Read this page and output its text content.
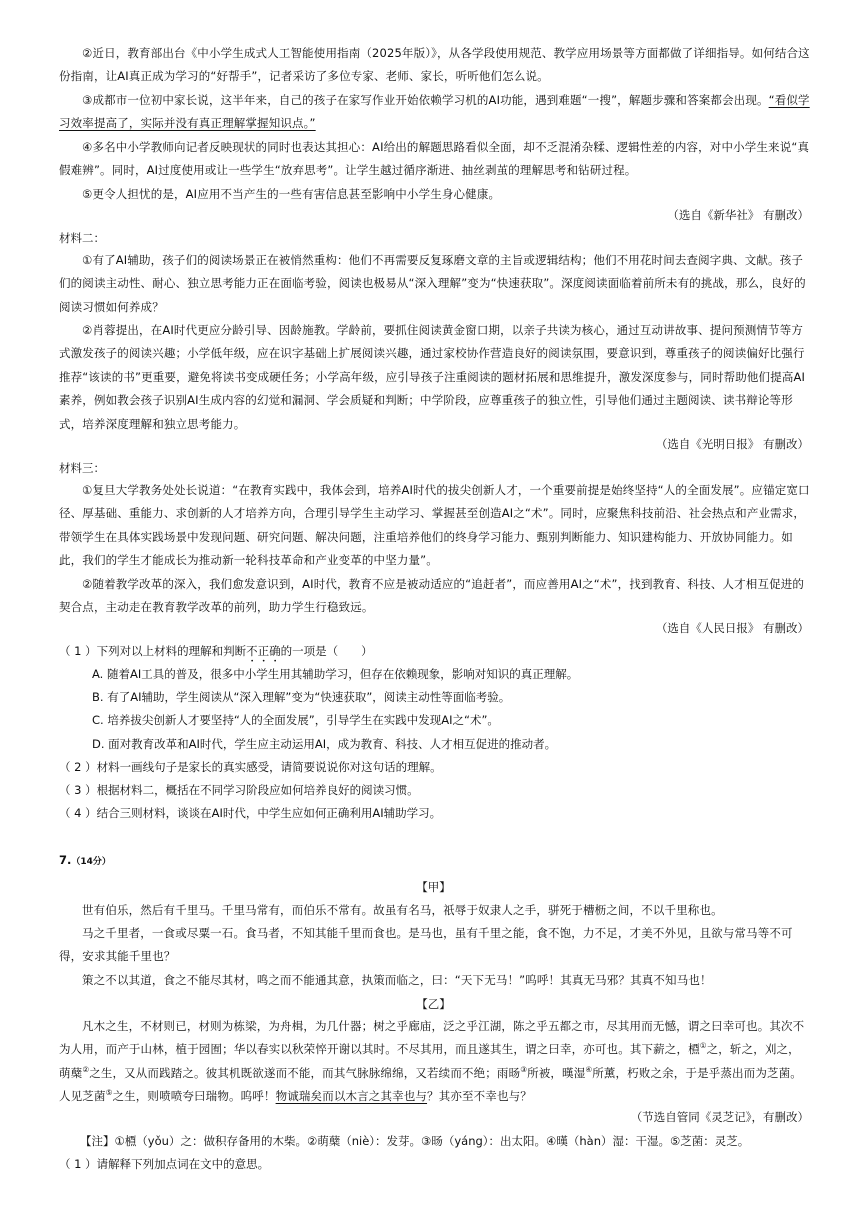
②近日，教育部出台《中小学生成式人工智能使用指南（2025年版）》，从各学段使用规范、教学应用场景等方面都做了详细指导。如何结合这份指南，让AI真正成为学习的“好帮手”，记者采访了多位专家、老师、家长，听听他们怎么说。

③成都市一位初中家长说，这半年来，自己的孩子在家写作业开始依赖学习机的AI功能，遇到难题“一搜”，解题步骤和答案都会出现。“看似学习效率提高了，实际并没有真正理解掌握知识点。”

④多名中小学教师向记者反映现状的同时也表达其担心：AI给出的解题思路看似全面，却不乏混淆杂糅、逻辑性差的内容，对中小学生来说“真假难辨”。同时，AI过度使用或让一些学生“放弃思考”。让学生越过循序渐进、抽丝剥茧的理解思考和钻研过程。

⑤更令人担忧的是，AI应用不当产生的一些有害信息甚至影响中小学生身心健康。

（选自《新华社》 有删改）

材料二：

①有了AI辅助，孩子们的阅读场景正在被悄然重构：他们不再需要反复琢磨文章的主旨或逻辑结构；他们不用花时间去查阅字典、文献。孩子们的阅读主动性、耐心、独立思考能力正在面临考验，阅读也极易从“深入理解”变为“快速获取”。深度阅读面临着前所未有的挑战，那么，良好的阅读习惯如何养成？

②肖蓉提出，在AI时代更应分龄引导、因龄施教。学龄前，要抓住阅读黄金窗口期，以亲子共读为核心，通过互动讲故事、提问预测情节等方式激发孩子的阅读兴趣；小学低年级，应在识字基础上扩展阅读兴趣，通过家校协作营造良好的阅读氛围，要意识到，尊重孩子的阅读偏好比强行推荐“该读的书”更重要，避免将读书变成硬任务；小学高年级，应引导孩子注重阅读的题材拓展和思维提升，激发深度参与，同时帮助他们提高AI素养，例如教会孩子识别AI生成内容的幻觉和漏洞、学会质疑和判断；中学阶段，应尊重孩子的独立性，引导他们通过主题阅读、读书辩论等形式，培养深度理解和独立思考能力。

（选自《光明日报》 有删改）

材料三：

①复旦大学教务处处长说道：“在教育实践中，我体会到，培养AI时代的拔尖创新人才，一个重要前提是始终坚持“人的全面发展”。应锚定宽口径、厚基础、重能力、求创新的人才培养方向，合理引导学生主动学习、掌握甚至创造AI之“术”。同时，应聚焦科技前沿、社会热点和产业需求，带领学生在具体实践场景中发现问题、研究问题、解决问题，注重培养他们的终身学习能力、甄别判断能力、知识建构能力、开放协同能力。如此，我们的学生才能成长为推动新一轮科技革命和产业变革的中坚力量”。

②随着教学改革的深入，我们愈发意识到，AI时代，教育不应是被动适应的“追赶者”，而应善用AI之“术”，找到教育、科技、人才相互促进的契合点，主动走在教育教学改革的前列，助力学生行稳致远。

（选自《人民日报》 有删改）

（ 1 ）下列对以上材料的理解和判断不正确的一项是（　　）

A. 随着AI工具的普及，很多中小学生用其辅助学习，但存在依赖现象，影响对知识的真正理解。

B. 有了AI辅助，学生阅读从“深入理解”变为“快速获取”，阅读主动性等面临考验。

C. 培养拔尖创新人才要坚持“人的全面发展”，引导学生在实践中发现AI之“术”。

D. 面对教育改革和AI时代，学生应主动运用AI，成为教育、科技、人才相互促进的推动者。

（ 2 ）材料一画线句子是家长的真实感受，请简要说说你对这句话的理解。

（ 3 ）根据材料二，概括在不同学习阶段应如何培养良好的阅读习惯。

（ 4 ）结合三则材料，谈谈在AI时代，中学生应如何正确利用AI辅助学习。

7.（14分）

【甲】

世有伯乐，然后有千里马。千里马常有，而伯乐不常有。故虽有名马，祇辱于奴隶人之手，骈死于槽枥之间，不以千里称也。

马之千里者，一食或尽粟一石。食马者，不知其能千里而食也。是马也，虽有千里之能，食不饱，力不足，才美不外见，且欲与常马等不可得，安求其能千里也？

策之不以其道，食之不能尽其材，鸣之而不能通其意，执策而临之，曰：“天下无马！”呜呼！其真无马邪？其真不知马也！

【乙】

凡木之生，不材则已，材则为栋梁，为舟楫，为几什器；树之乎廊庙，泛之乎江湖，陈之乎五都之市，尽其用而无憾，谓之曰幸可也。其次不为人用，而产于山林，植于园囿；华以春实以秋荣悴开谢以其时。不尽其用，而且遂其生，谓之曰幸，亦可也。其下薪之，槱①之，斩之，刈之，萌蘖②之生，又从而践踏之。彼其机既欲遂而不能，而其气脉脉绵绵，又若续而不绝；雨旸③所被，暵湿④所薰，朽败之余，于是乎蒸出而为芝菌。人见芝菌⑤之生，则喷喷夸曰瑞物。呜呼！物诚瑞矣而以木言之其幸也与？其亦至不幸也与？

（节选自管同《灵芝记》，有删改）

【注】①槱（yǒu）之：做积存备用的木柴。②萌蘖（niè）：发芽。③旸（yáng）：出太阳。④暵（hàn）湿：干湿。⑤芝菌：灵芝。

（ 1 ）请解释下列加点词在文中的意思。
